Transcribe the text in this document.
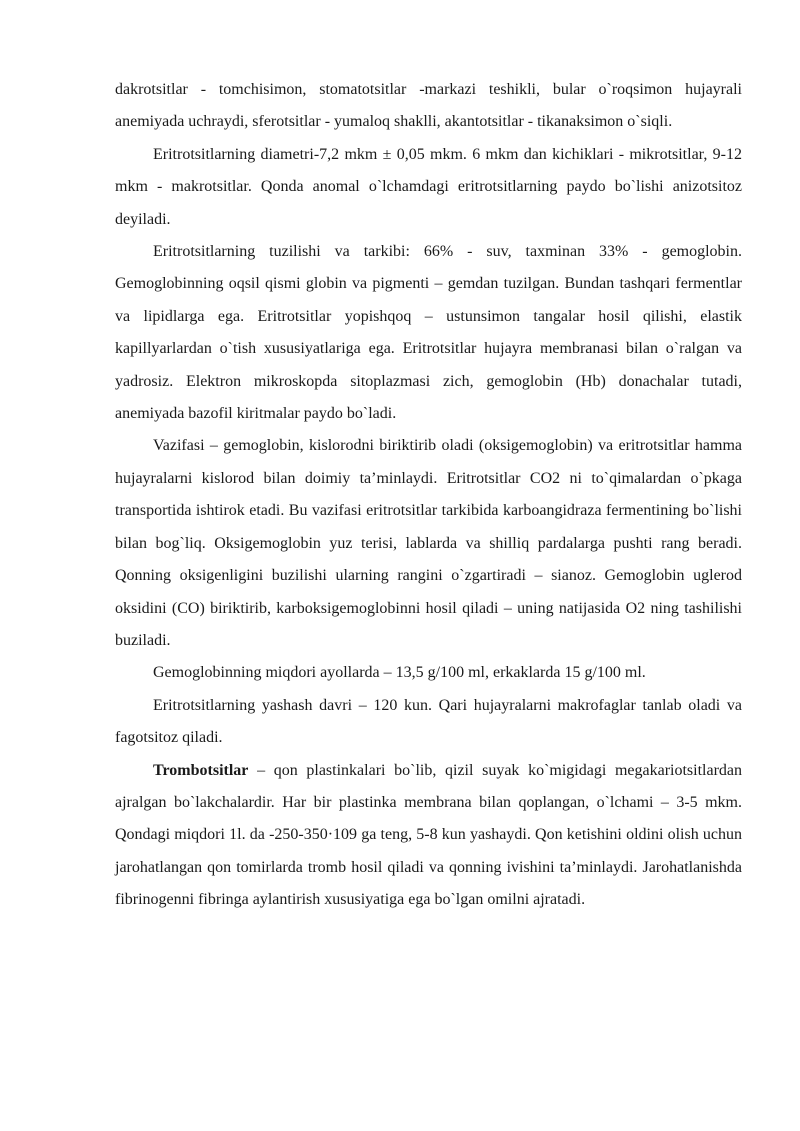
dakrotsitlar - tomchisimon, stomatotsitlar -markazi teshikli, bular o`roqsimon hujayrali anemiyada uchraydi, sferotsitlar - yumaloq shaklli, akantotsitlar - tikanaksimon o`siqli.

Eritrotsitlarning diametri-7,2 mkm ± 0,05 mkm. 6 mkm dan kichiklari - mikrotsitlar, 9-12 mkm - makrotsitlar. Qonda anomal o`lchamdagi eritrotsitlarning paydo bo`lishi anizotsitoz deyiladi.

Eritrotsitlarning tuzilishi va tarkibi: 66% - suv, taxminan 33% - gemoglobin. Gemoglobinning oqsil qismi globin va pigmenti – gemdan tuzilgan. Bundan tashqari fermentlar va lipidlarga ega. Eritrotsitlar yopishqoq – ustunsimon tangalar hosil qilishi, elastik kapillyarlardan o`tish xususiyatlariga ega. Eritrotsitlar hujayra membranasi bilan o`ralgan va yadrosiz. Elektron mikroskopda sitoplazmasi zich, gemoglobin (Hb) donachalar tutadi, anemiyada bazofil kiritmalar paydo bo`ladi.

Vazifasi – gemoglobin, kislorodni biriktirib oladi (oksigemoglobin) va eritrotsitlar hamma hujayralarni kislorod bilan doimiy ta’minlaydi. Eritrotsitlar CO2 ni to`qimalardan o`pkaga transportida ishtirok etadi. Bu vazifasi eritrotsitlar tarkibida karboangidraza fermentining bo`lishi bilan bog`liq. Oksigemoglobin yuz terisi, lablarda va shilliq pardalarga pushti rang beradi. Qonning oksigenligini buzilishi ularning rangini o`zgartiradi – sianoz. Gemoglobin uglerod oksidini (CO) biriktirib, karboksigemoglobinni hosil qiladi – uning natijasida O2 ning tashilishi buziladi.

Gemoglobinning miqdori ayollarda – 13,5 g/100 ml, erkaklarda 15 g/100 ml.

Eritrotsitlarning yashash davri – 120 kun. Qari hujayralarni makrofaglar tanlab oladi va fagotsitoz qiladi.

Trombotsitlar – qon plastinkalari bo`lib, qizil suyak ko`migidagi megakariotsitlardan ajralgan bo`lakchalardir. Har bir plastinka membrana bilan qoplangan, o`lchami – 3-5 mkm. Qondagi miqdori 1l. da -250-350·109 ga teng, 5-8 kun yashaydi. Qon ketishini oldini olish uchun jarohatlangan qon tomirlarda tromb hosil qiladi va qonning ivishini ta’minlaydi. Jarohatlanishda fibrinogenni fibringa aylantirish xususiyatiga ega bo`lgan omilni ajratadi.
